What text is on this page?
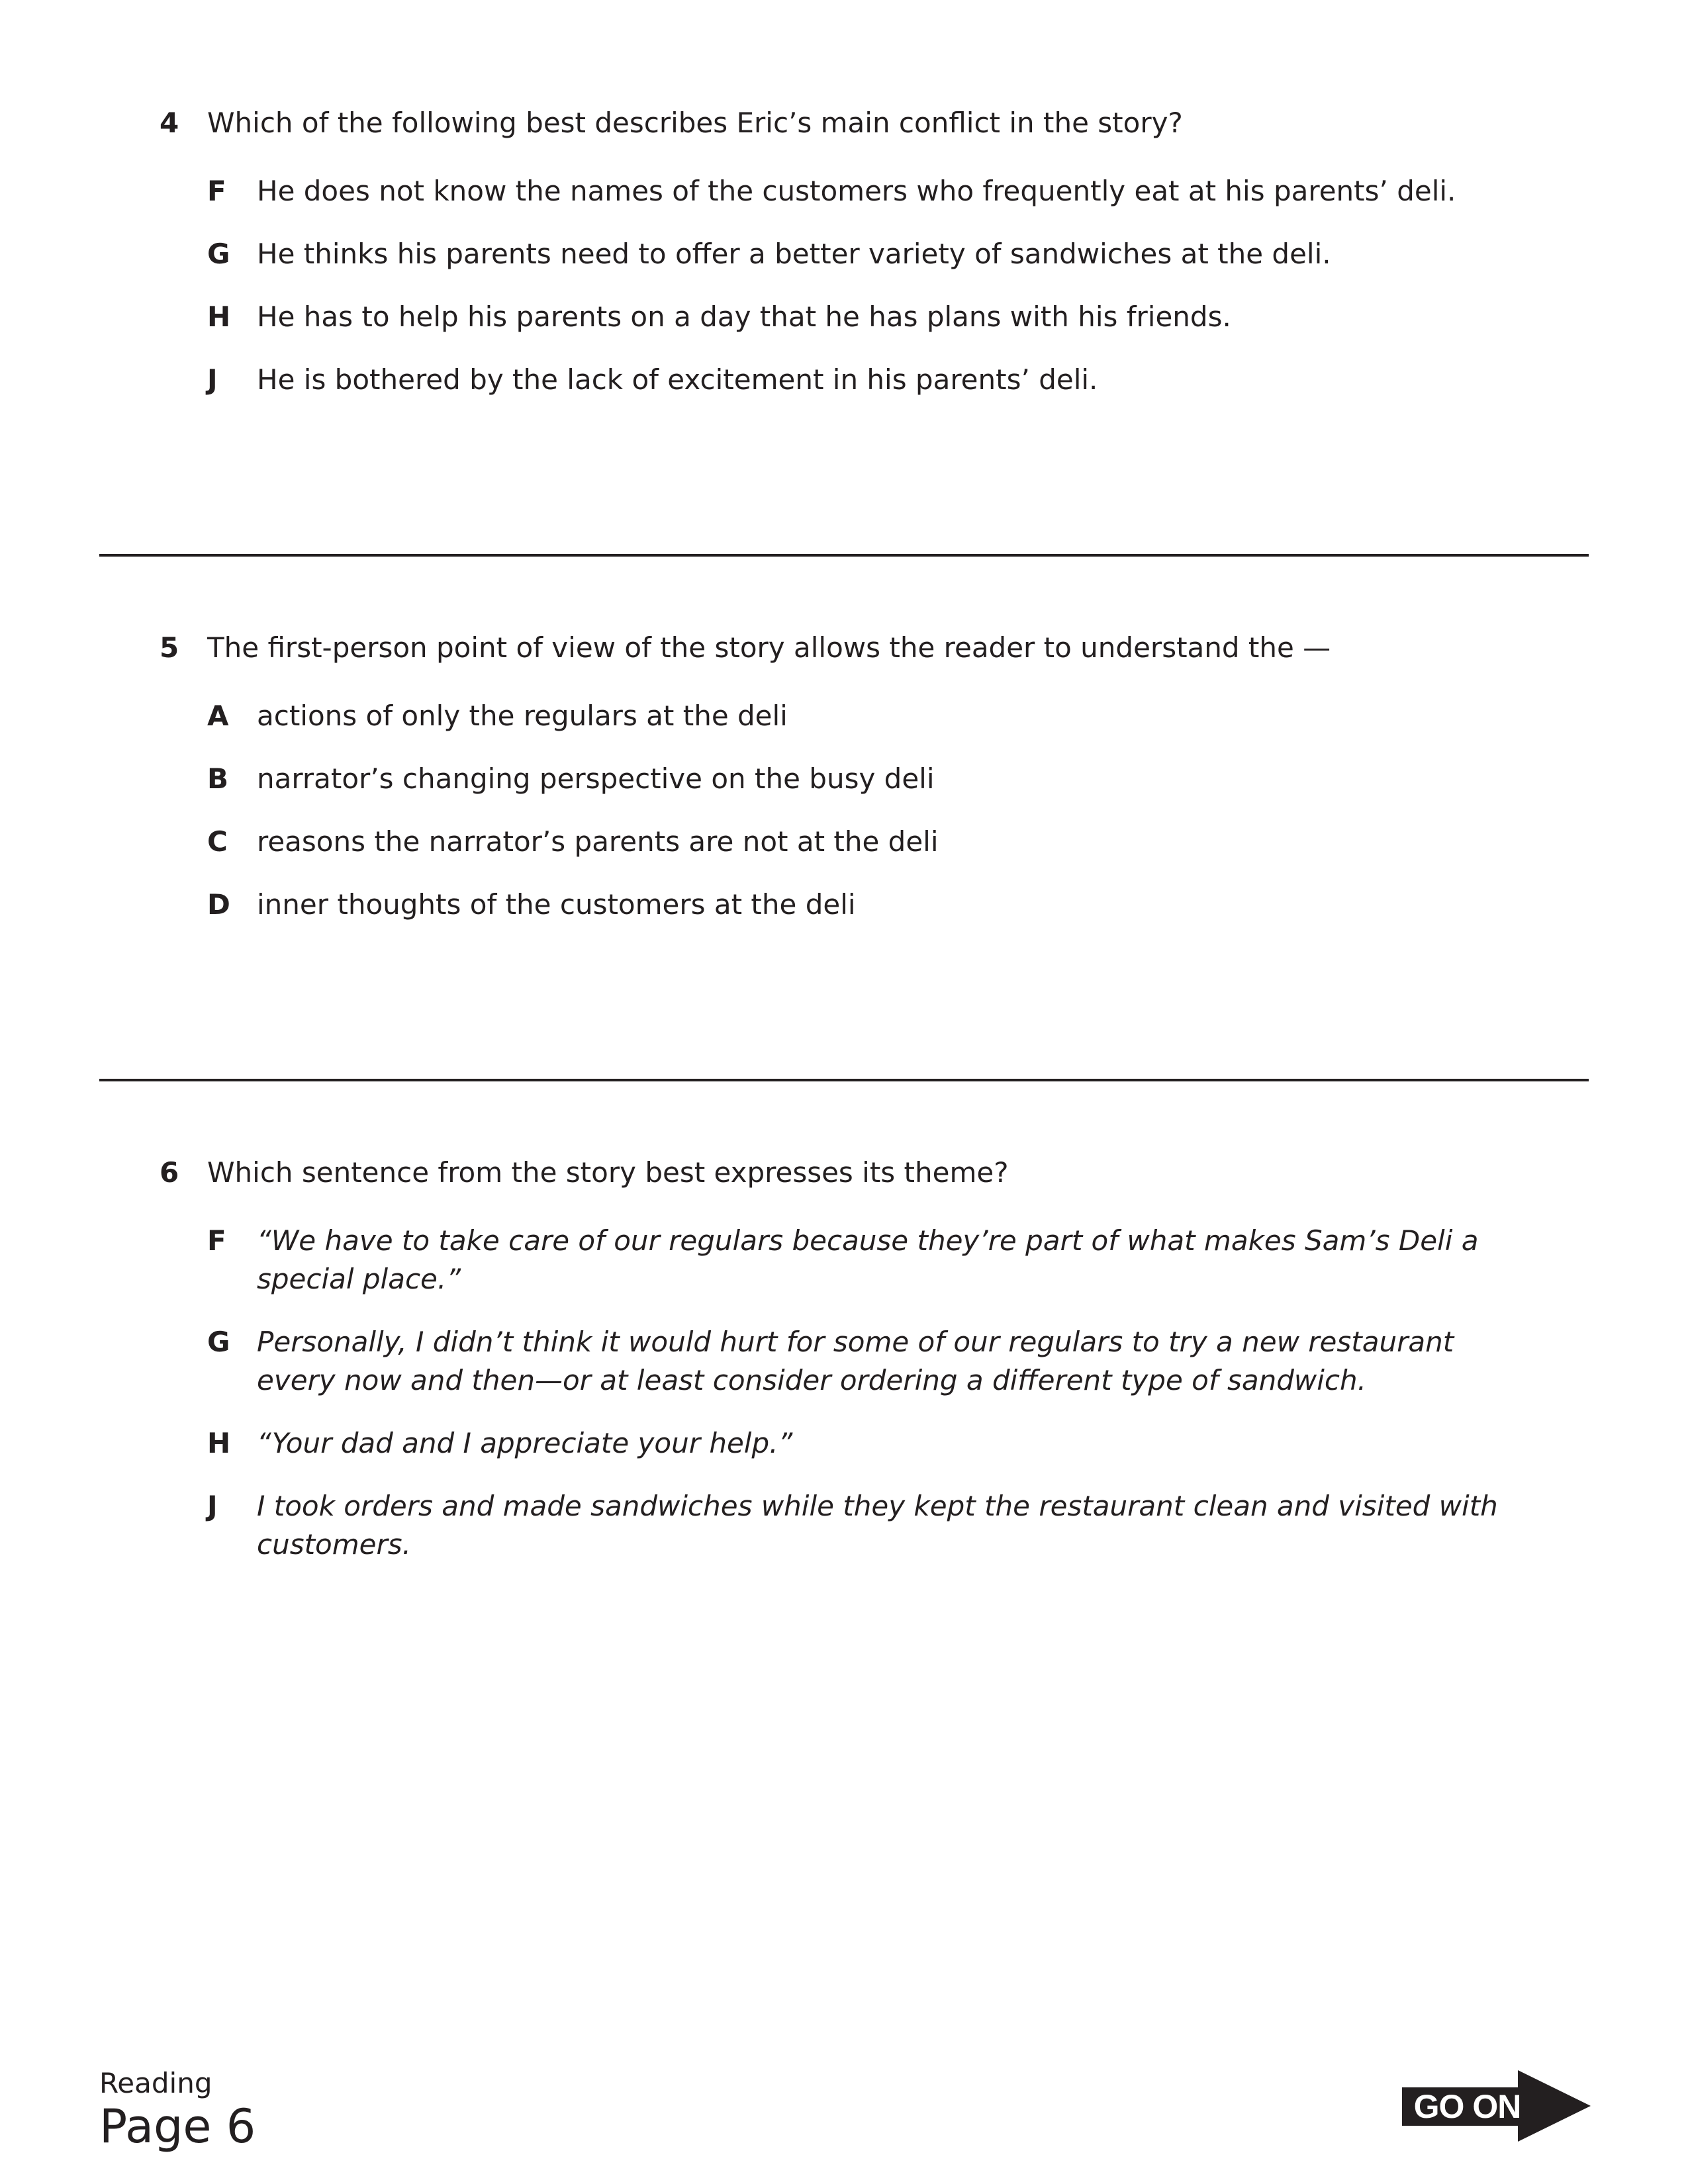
4 Which of the following best describes Eric’s main conflict in the story?
F He does not know the names of the customers who frequently eat at his parents’ deli.
G He thinks his parents need to offer a better variety of sandwiches at the deli.
H He has to help his parents on a day that he has plans with his friends.
J He is bothered by the lack of excitement in his parents’ deli.
5 The first-person point of view of the story allows the reader to understand the —
A actions of only the regulars at the deli
B narrator’s changing perspective on the busy deli
C reasons the narrator’s parents are not at the deli
D inner thoughts of the customers at the deli
6 Which sentence from the story best expresses its theme?
F “We have to take care of our regulars because they’re part of what makes Sam’s Deli a special place.”
G Personally, I didn’t think it would hurt for some of our regulars to try a new restaurant every now and then—or at least consider ordering a different type of sandwich.
H “Your dad and I appreciate your help.”
J I took orders and made sandwiches while they kept the restaurant clean and visited with customers.
Reading
Page 6	GO ON
